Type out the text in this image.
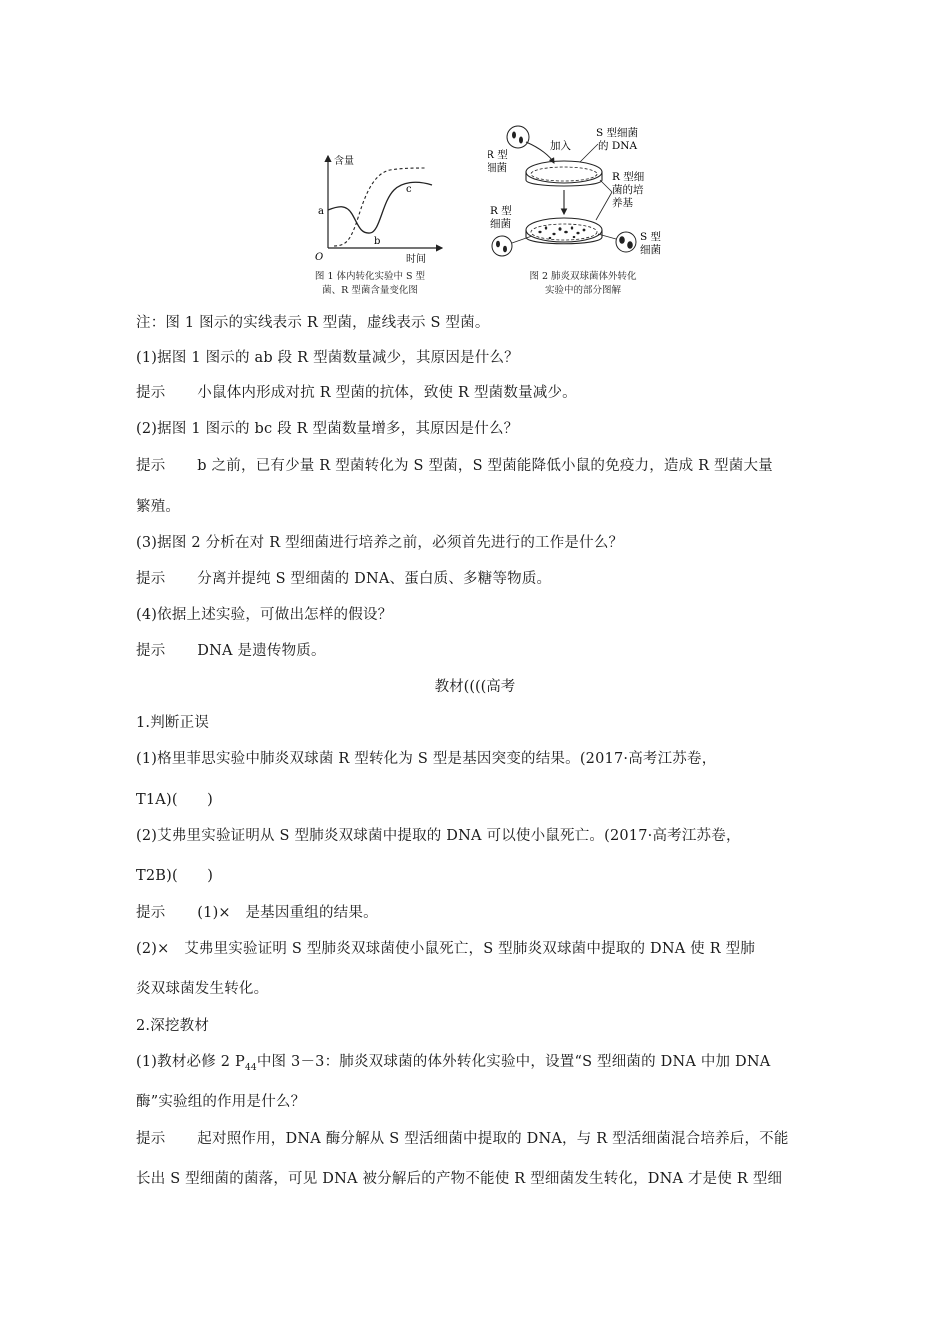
a
b
c
O
含量
时间
图 1 体内转化实验中 S 型
菌、R 型菌含量变化图
加入
S 型细菌
的 DNA
R 型
细菌
R 型细
菌的培
养基
R 型
细菌
S 型
细菌
图 2 肺炎双球菌体外转化
实验中的部分图解
注：图 1 图示的实线表示 R 型菌，虚线表示 S 型菌。
(1)据图 1 图示的 ab 段 R 型菌数量减少，其原因是什么？
提示 小鼠体内形成对抗 R 型菌的抗体，致使 R 型菌数量减少。
(2)据图 1 图示的 bc 段 R 型菌数量增多，其原因是什么？
提示 b 之前，已有少量 R 型菌转化为 S 型菌，S 型菌能降低小鼠的免疫力，造成 R 型菌大量
繁殖。
(3)据图 2 分析在对 R 型细菌进行培养之前，必须首先进行的工作是什么？
提示 分离并提纯 S 型细菌的 DNA、蛋白质、多糖等物质。
(4)依据上述实验，可做出怎样的假设？
提示 DNA 是遗传物质。
教材((((高考
1.判断正误
(1)格里菲思实验中肺炎双球菌 R 型转化为 S 型是基因突变的结果。(2017·高考江苏卷，
T1A)(　　)
(2)艾弗里实验证明从 S 型肺炎双球菌中提取的 DNA 可以使小鼠死亡。(2017·高考江苏卷，
T2B)(　　)
提示 (1)×　是基因重组的结果。
(2)×　艾弗里实验证明 S 型肺炎双球菌使小鼠死亡，S 型肺炎双球菌中提取的 DNA 使 R 型肺
炎双球菌发生转化。
2.深挖教材
(1)教材必修 2 $P_{44}$中图 3－3：肺炎双球菌的体外转化实验中，设置“S 型细菌的 DNA 中加 DNA
酶”实验组的作用是什么？
提示 起对照作用，DNA 酶分解从 S 型活细菌中提取的 DNA，与 R 型活细菌混合培养后，不能
长出 S 型细菌的菌落，可见 DNA 被分解后的产物不能使 R 型细菌发生转化，DNA 才是使 R 型细
